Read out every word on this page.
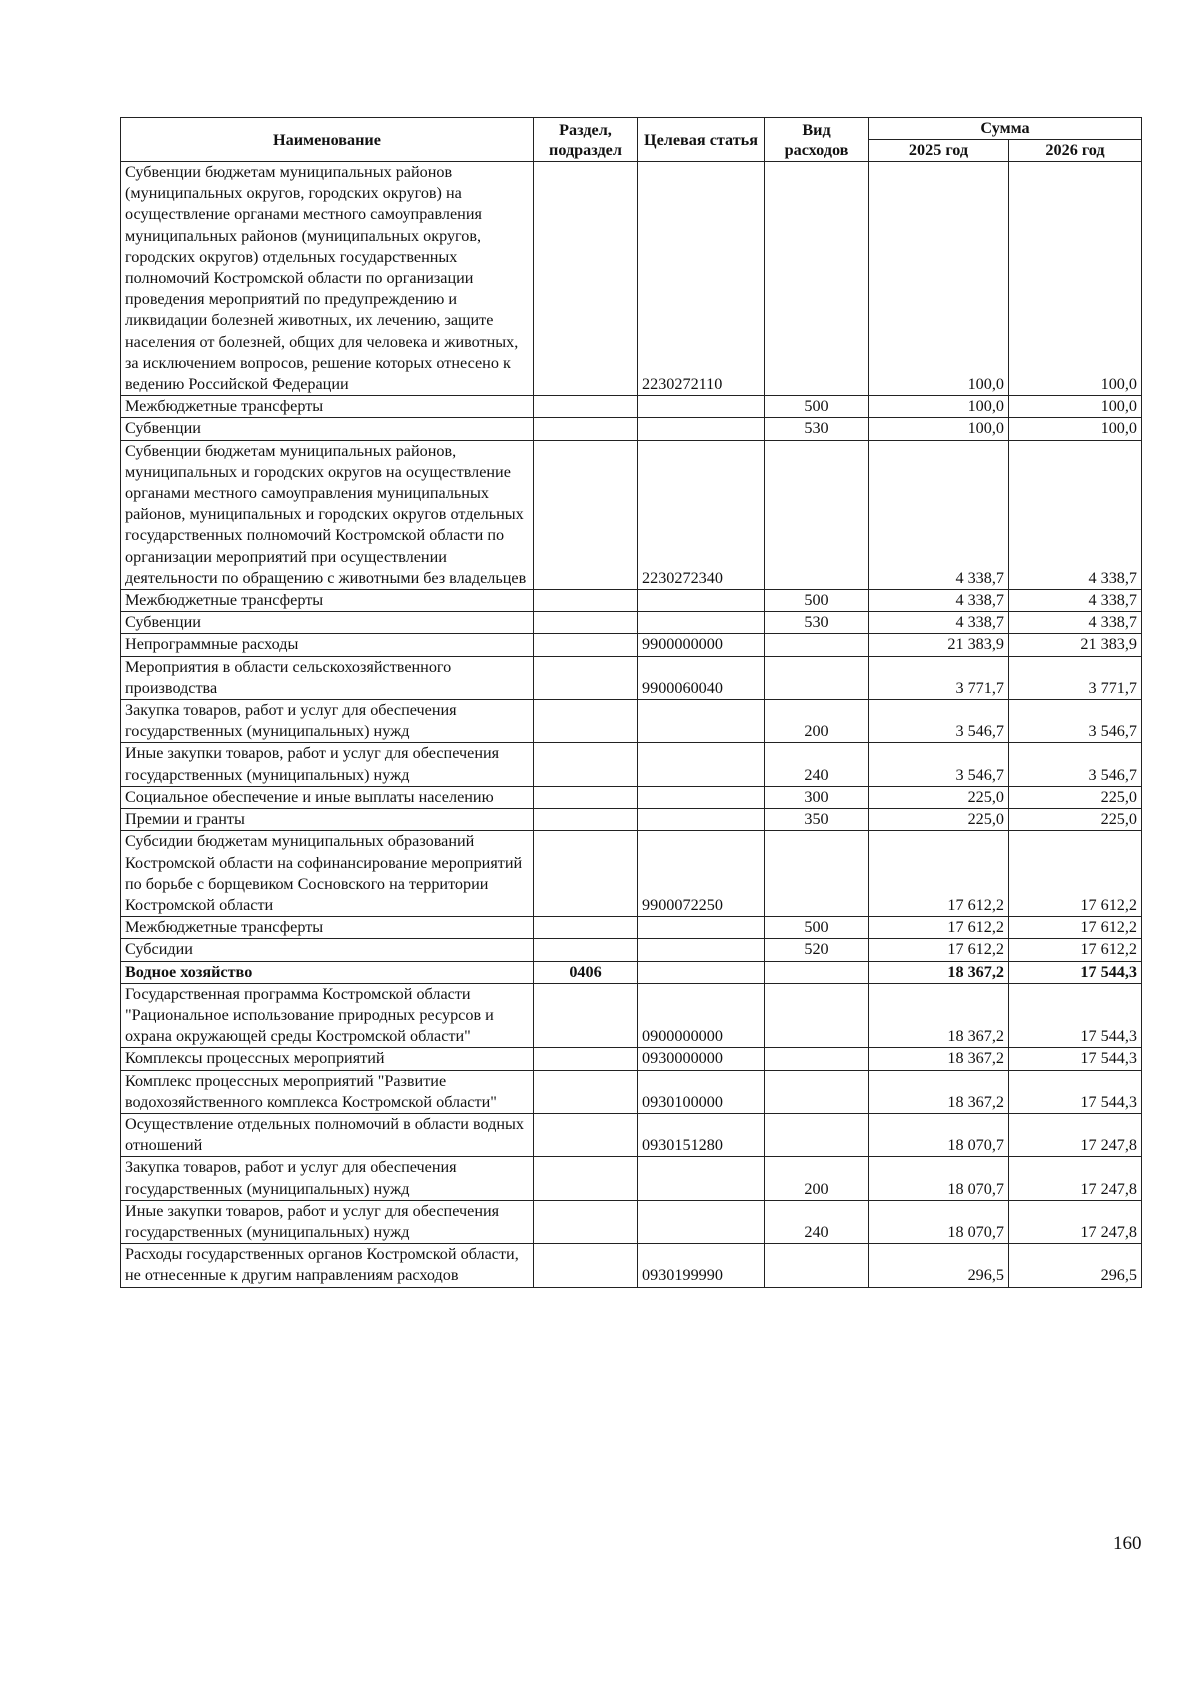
Наименование	Раздел, подраздел	Целевая статья	Вид расходов	Сумма	
				2025 год	2026 год
Субвенции бюджетам муниципальных районов (муниципальных округов, городских округов) на осуществление органами местного самоуправления муниципальных районов (муниципальных округов, городских округов) отдельных государственных полномочий Костромской области по организации проведения мероприятий по предупреждению и ликвидации болезней животных, их лечению, защите населения от болезней, общих для человека и животных, за исключением вопросов, решение которых отнесено к ведению Российской Федерации		2230272110		100,0	100,0
Межбюджетные трансферты			500	100,0	100,0
Субвенции			530	100,0	100,0
Субвенции бюджетам муниципальных районов, муниципальных и городских округов на осуществление органами местного самоуправления муниципальных районов, муниципальных и городских округов отдельных государственных полномочий Костромской области по организации мероприятий при осуществлении деятельности по обращению с животными без владельцев		2230272340		4 338,7	4 338,7
Межбюджетные трансферты			500	4 338,7	4 338,7
Субвенции			530	4 338,7	4 338,7
Непрограммные расходы		9900000000		21 383,9	21 383,9
Мероприятия в области сельскохозяйственного производства		9900060040		3 771,7	3 771,7
Закупка товаров, работ и услуг для обеспечения государственных (муниципальных) нужд			200	3 546,7	3 546,7
Иные закупки товаров, работ и услуг для обеспечения государственных (муниципальных) нужд			240	3 546,7	3 546,7
Социальное обеспечение и иные выплаты населению			300	225,0	225,0
Премии и гранты			350	225,0	225,0
Субсидии бюджетам муниципальных образований Костромской области на софинансирование мероприятий по борьбе с борщевиком Сосновского на территории Костромской области		9900072250		17 612,2	17 612,2
Межбюджетные трансферты			500	17 612,2	17 612,2
Субсидии			520	17 612,2	17 612,2
Водное хозяйство	0406			18 367,2	17 544,3
Государственная программа Костромской области "Рациональное использование природных ресурсов и охрана окружающей среды Костромской области"		0900000000		18 367,2	17 544,3
Комплексы процессных мероприятий		0930000000		18 367,2	17 544,3
Комплекс процессных мероприятий "Развитие водохозяйственного комплекса Костромской области"		0930100000		18 367,2	17 544,3
Осуществление отдельных полномочий в области водных отношений		0930151280		18 070,7	17 247,8
Закупка товаров, работ и услуг для обеспечения государственных (муниципальных) нужд			200	18 070,7	17 247,8
Иные закупки товаров, работ и услуг для обеспечения государственных (муниципальных) нужд			240	18 070,7	17 247,8
Расходы государственных органов Костромской области, не отнесенные к другим направлениям расходов		0930199990		296,5	296,5
160
